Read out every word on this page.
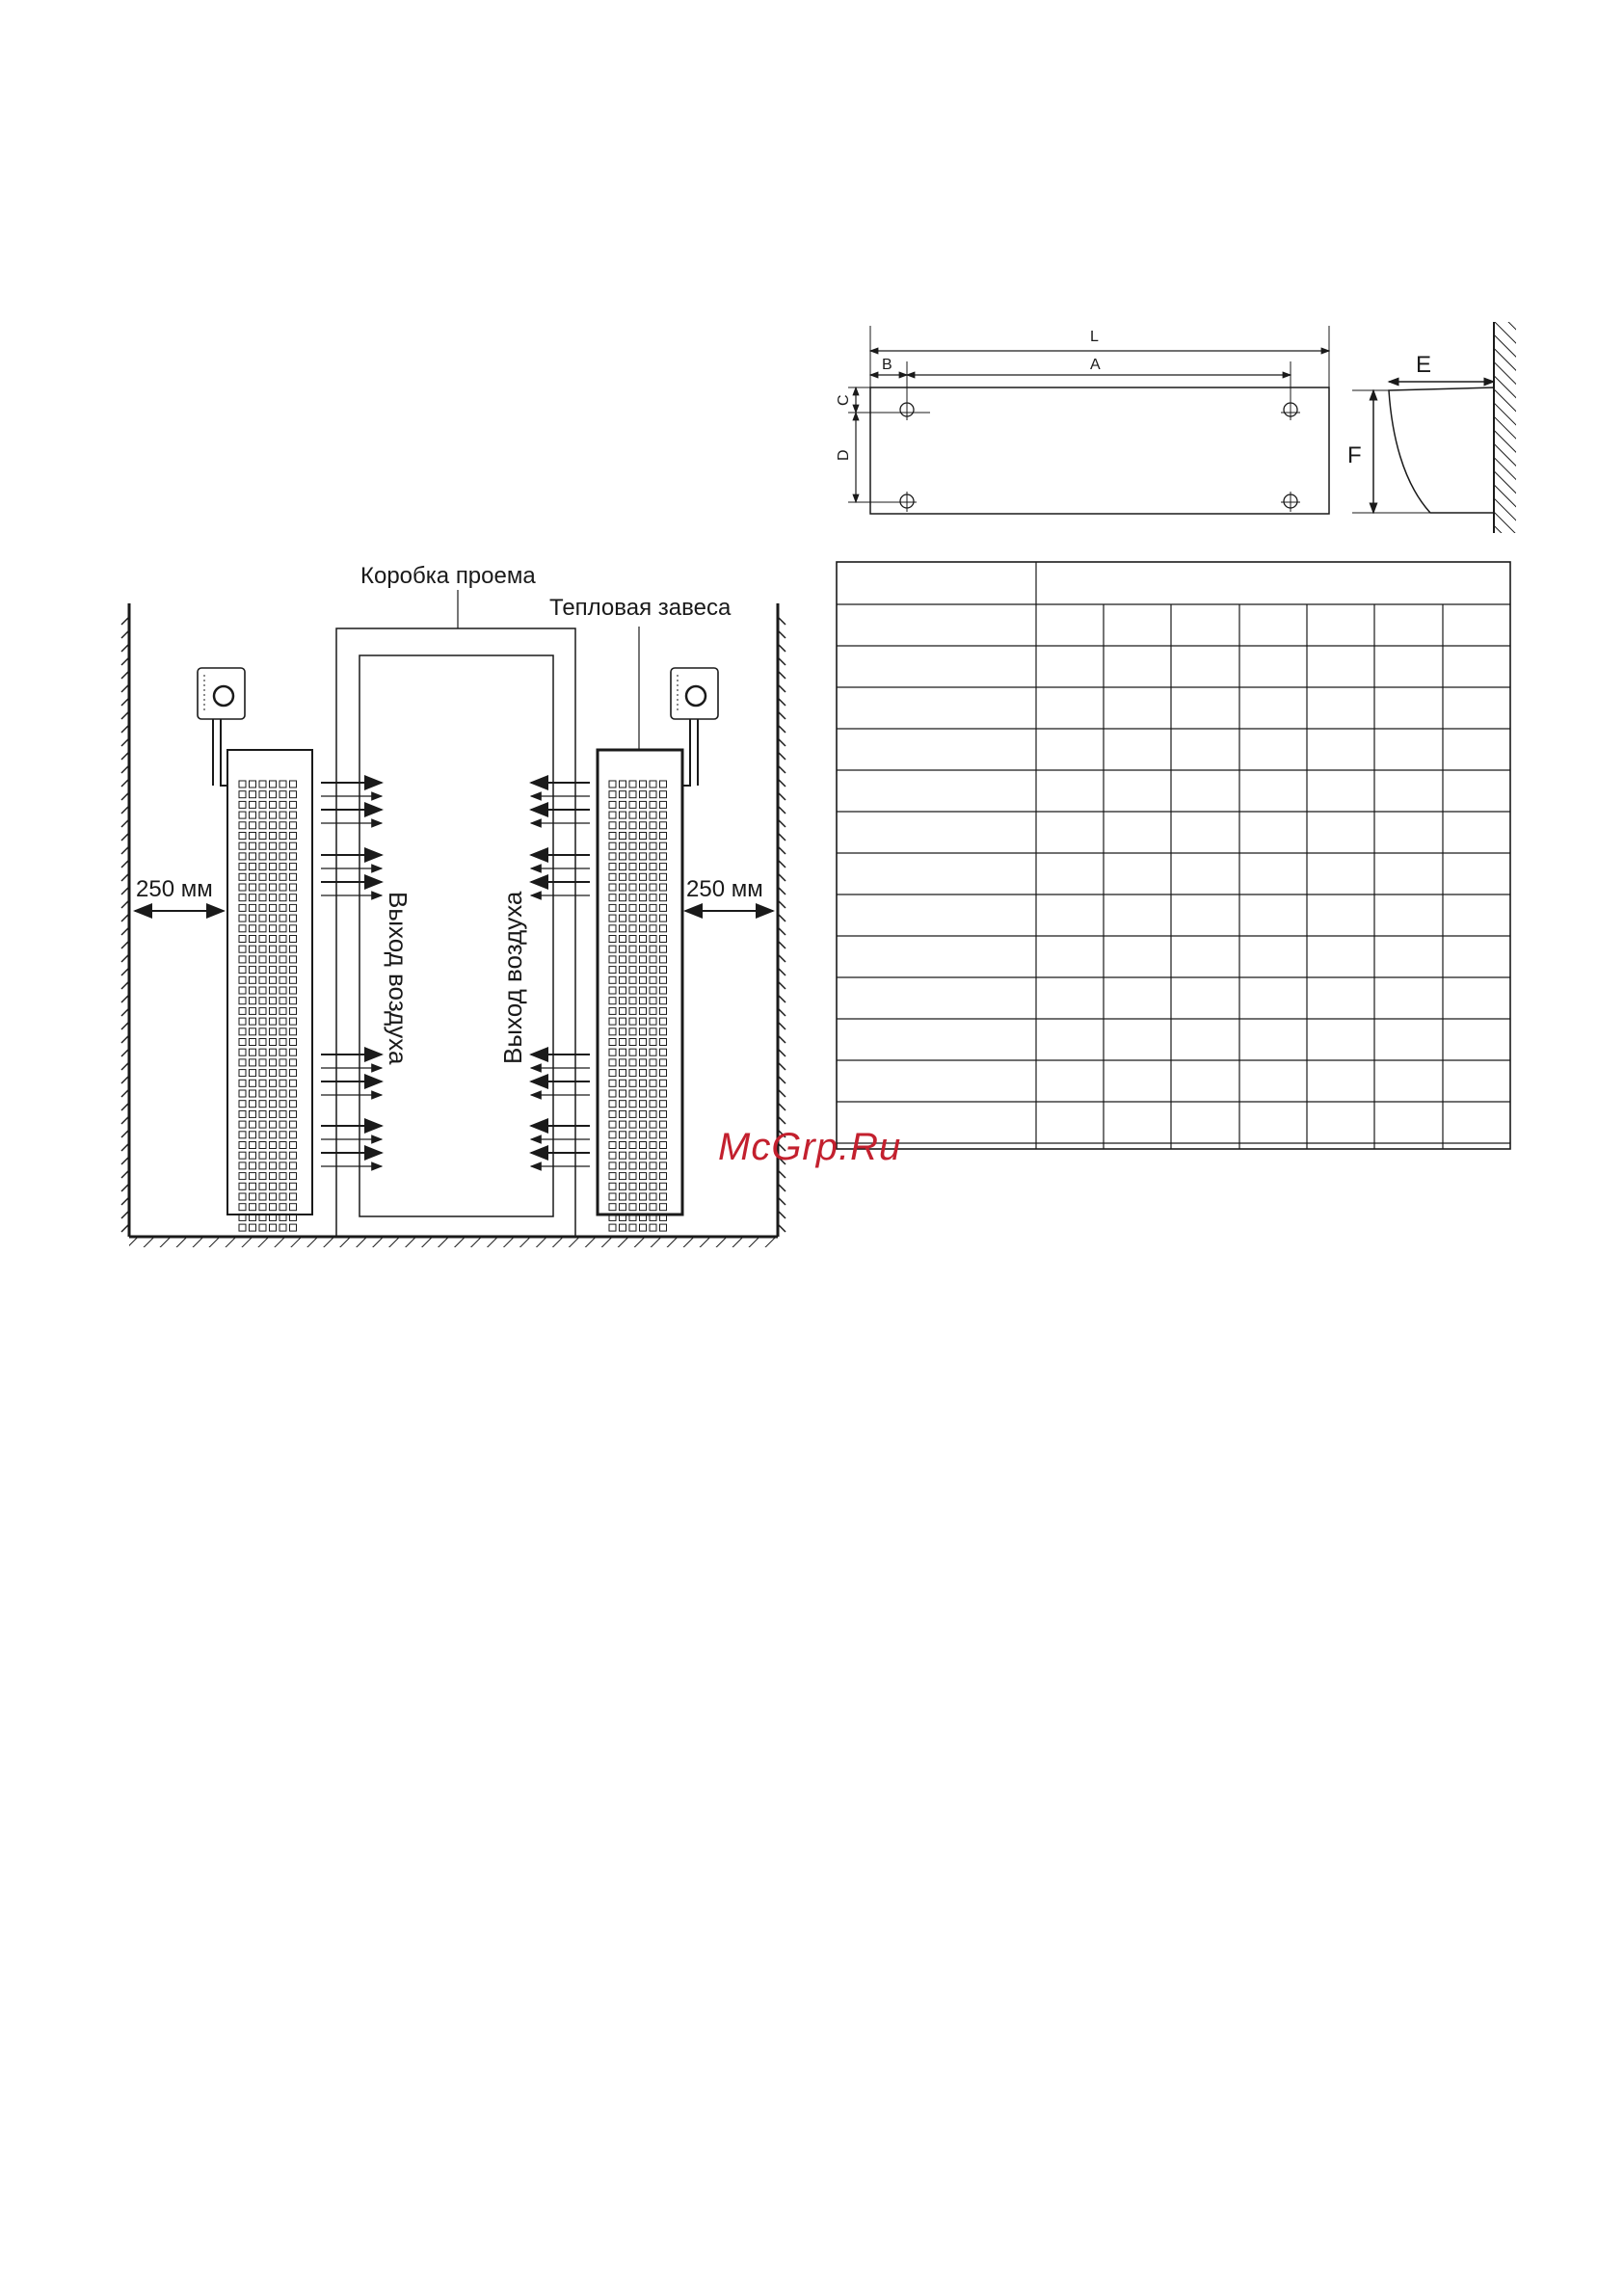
Коробка проема
Тепловая завеса
250 мм	250 мм
Выход воздуха	Выход воздуха
L
A
B
C
D
E
F
McGrp.Ru
